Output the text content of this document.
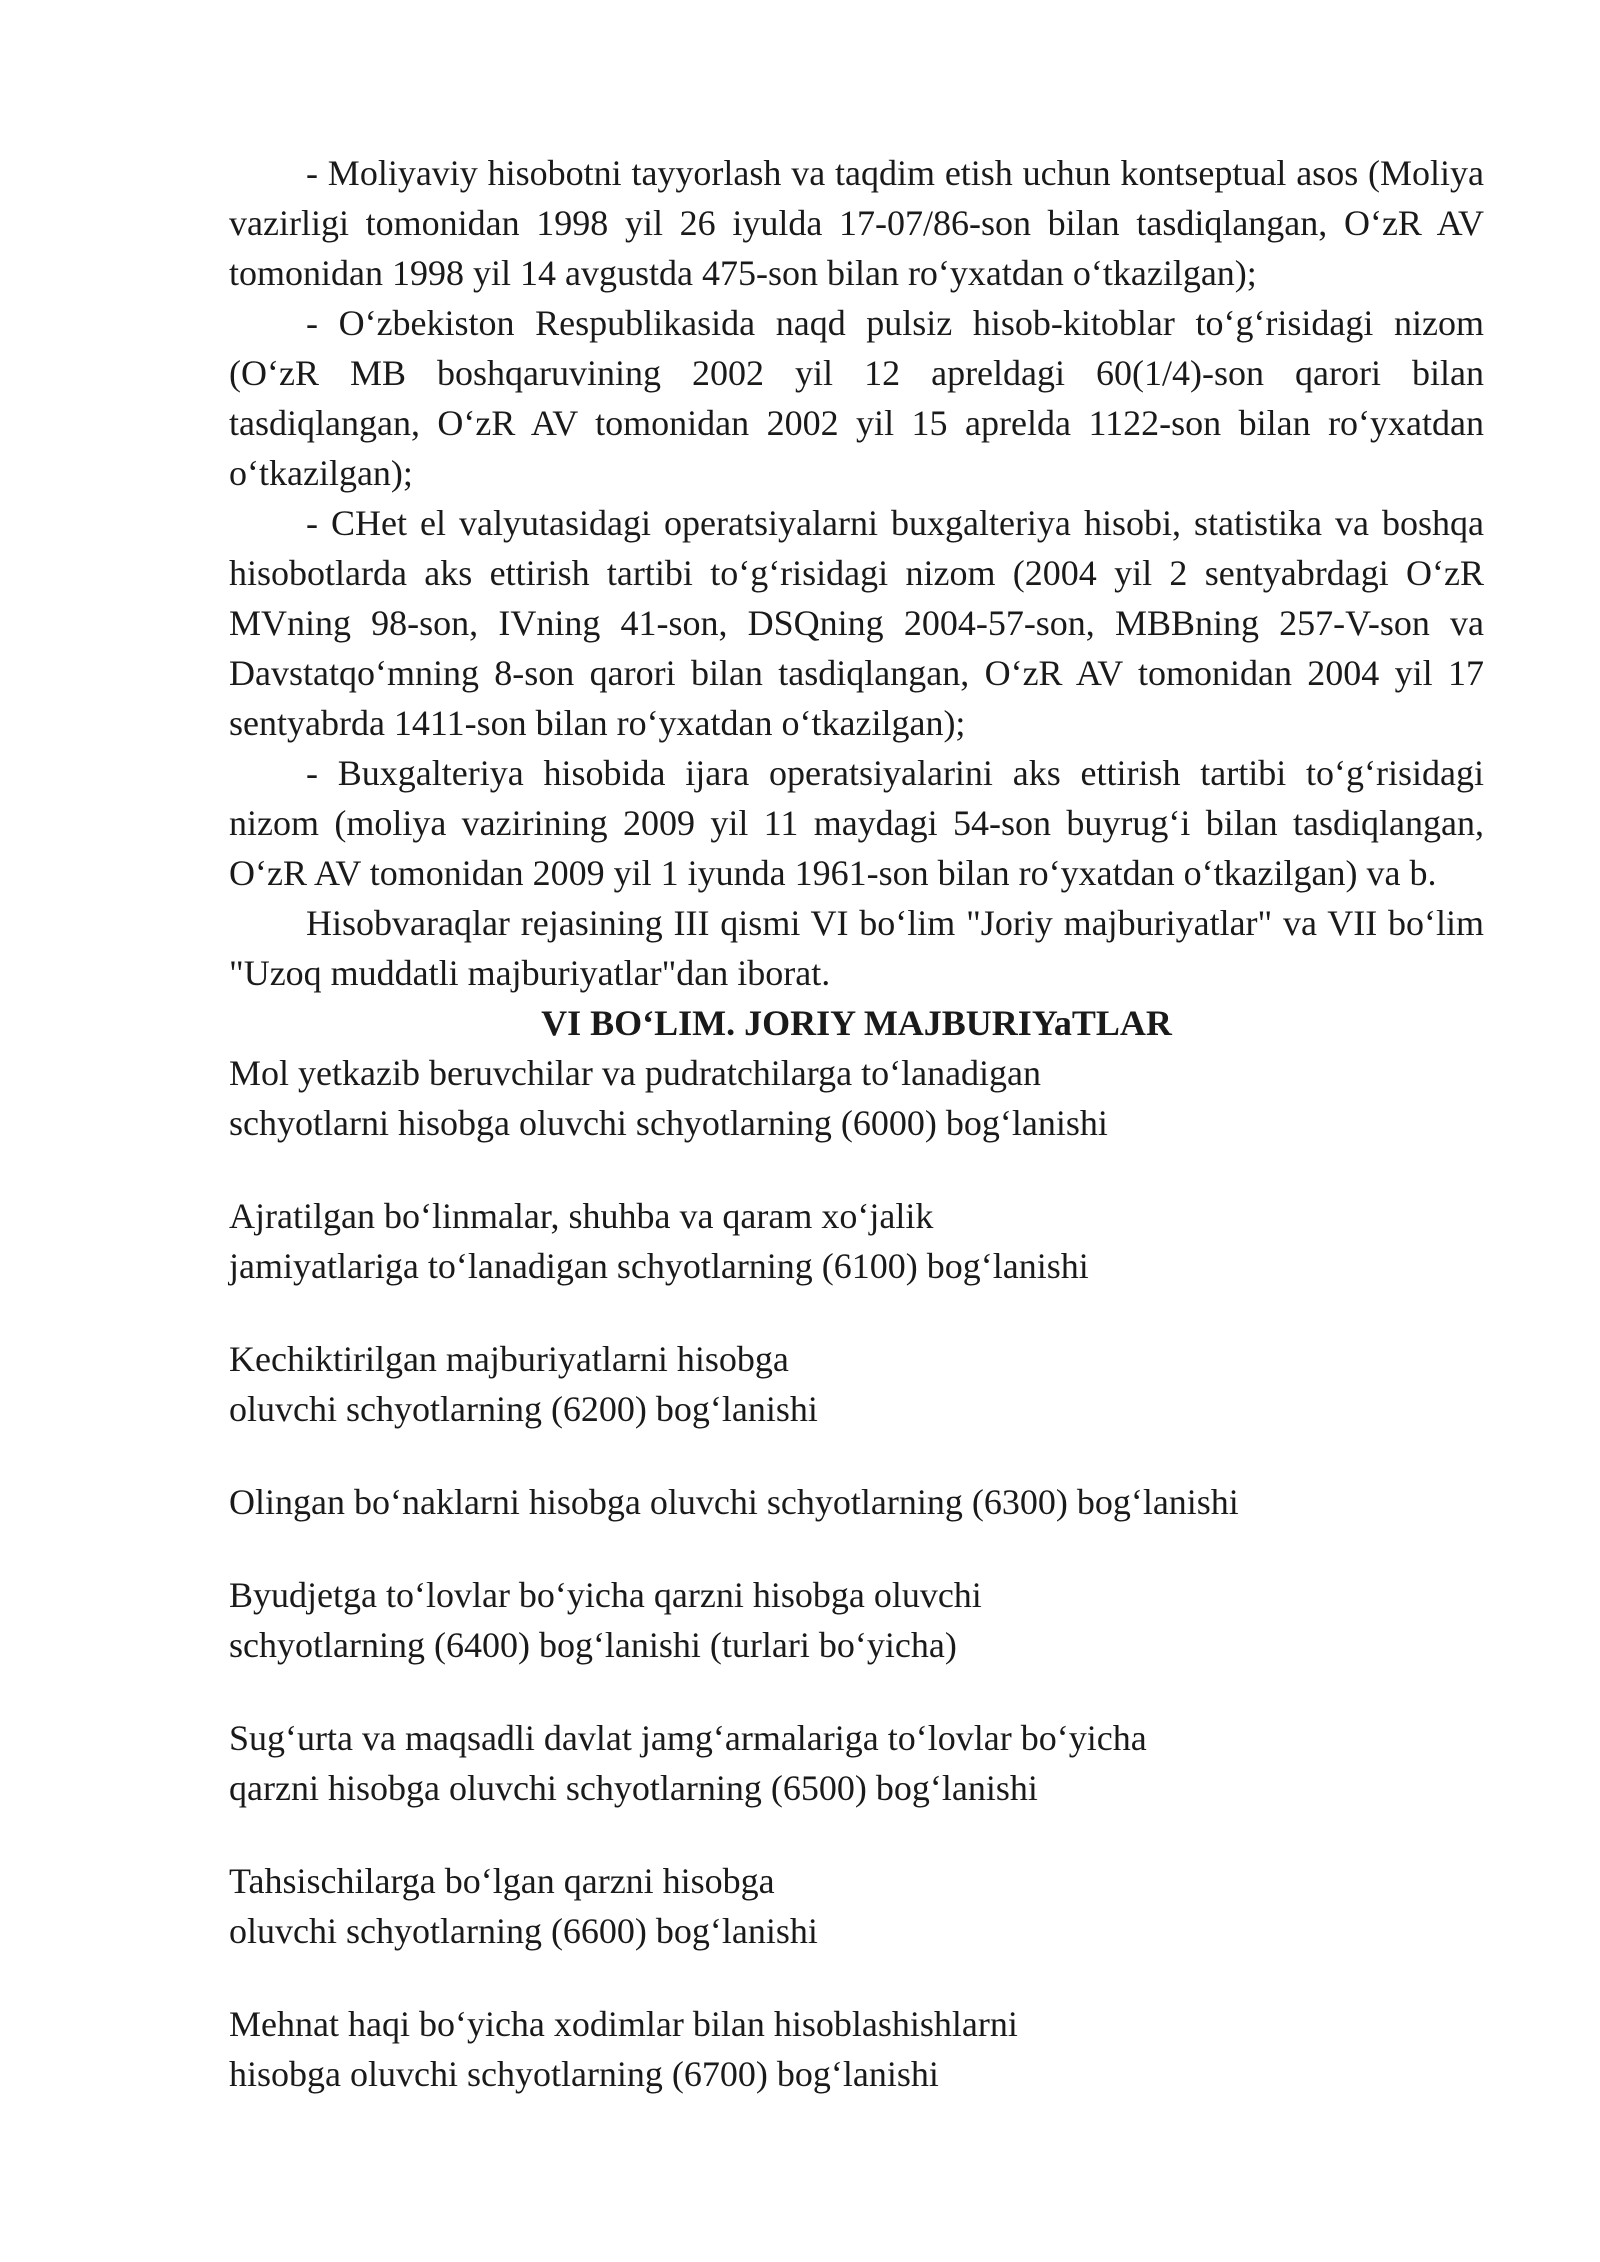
- Moliyaviy hisobotni tayyorlash va taqdim etish uchun kontseptual asos (Moliya vazirligi tomonidan 1998 yil 26 iyulda 17-07/86-son bilan tasdiqlangan, O‘zR AV tomonidan 1998 yil 14 avgustda 475-son bilan ro‘yxatdan o‘tkazilgan);

- O‘zbekiston Respublikasida naqd pulsiz hisob-kitoblar to‘g‘risidagi nizom (O‘zR MB boshqaruvining 2002 yil 12 apreldagi 60(1/4)-son qarori bilan tasdiqlangan, O‘zR AV tomonidan 2002 yil 15 aprelda 1122-son bilan ro‘yxatdan o‘tkazilgan);

- CHet el valyutasidagi operatsiyalarni buxgalteriya hisobi, statistika va boshqa hisobotlarda aks ettirish tartibi to‘g‘risidagi nizom (2004 yil 2 sentyabrdagi O‘zR MVning 98-son, IVning 41-son, DSQning 2004-57-son, MBBning 257-V-son va Davstatqo‘mning 8-son qarori bilan tasdiqlangan, O‘zR AV tomonidan 2004 yil 17 sentyabrda 1411-son bilan ro‘yxatdan o‘tkazilgan);

- Buxgalteriya hisobida ijara operatsiyalarini aks ettirish tartibi to‘g‘risidagi nizom (moliya vazirining 2009 yil 11 maydagi 54-son buyrug‘i bilan tasdiqlangan, O‘zR AV tomonidan 2009 yil 1 iyunda 1961-son bilan ro‘yxatdan o‘tkazilgan) va b.

Hisobvaraqlar rejasining III qismi VI bo‘lim "Joriy majburiyatlar" va VII bo‘lim "Uzoq muddatli majburiyatlar"dan iborat.

VI BO‘LIM. JORIY MAJBURIYaTLAR

Mol yetkazib beruvchilar va pudratchilarga to‘lanadigan
schyotlarni hisobga oluvchi schyotlarning (6000) bog‘lanishi
Ajratilgan bo‘linmalar, shuhba va qaram xo‘jalik
jamiyatlariga to‘lanadigan schyotlarning (6100) bog‘lanishi
Kechiktirilgan majburiyatlarni hisobga
oluvchi schyotlarning (6200) bog‘lanishi
Olingan bo‘naklarni hisobga oluvchi schyotlarning (6300) bog‘lanishi
Byudjetga to‘lovlar bo‘yicha qarzni hisobga oluvchi
schyotlarning (6400) bog‘lanishi (turlari bo‘yicha)
Sug‘urta va maqsadli davlat jamg‘armalariga to‘lovlar bo‘yicha
qarzni hisobga oluvchi schyotlarning (6500) bog‘lanishi
Tahsischilarga bo‘lgan qarzni hisobga
oluvchi schyotlarning (6600) bog‘lanishi
Mehnat haqi bo‘yicha xodimlar bilan hisoblashishlarni
hisobga oluvchi schyotlarning (6700) bog‘lanishi
